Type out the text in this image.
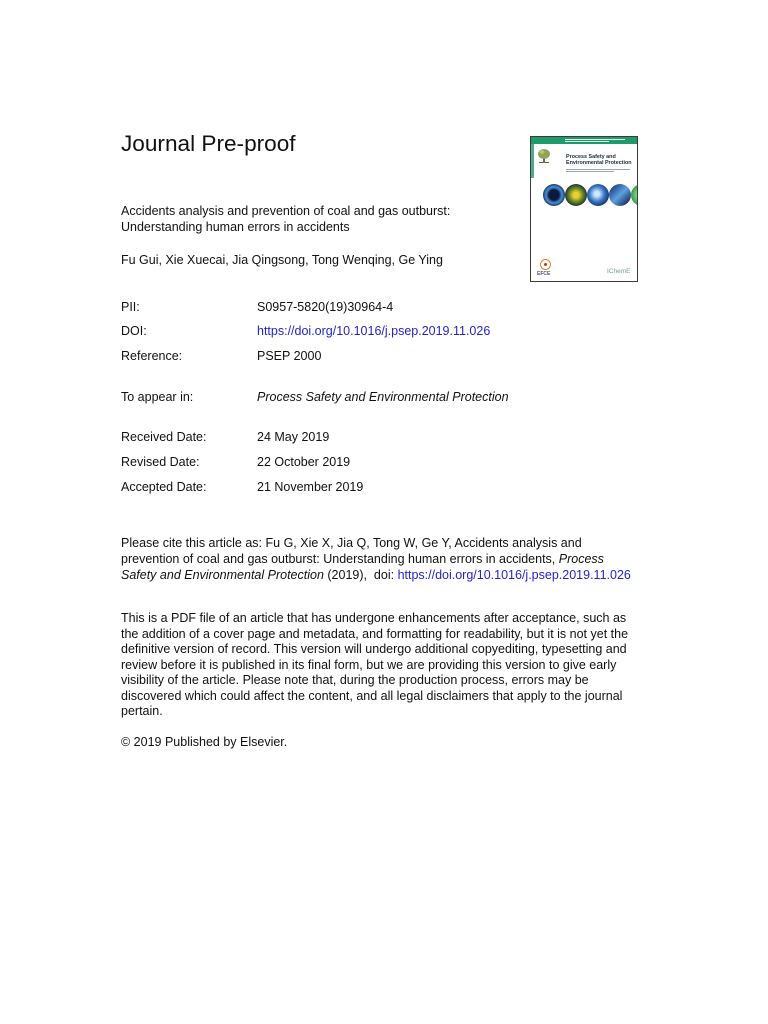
Journal Pre-proof
Process Safety and
Environmental Protection
EFCE	IChemE
Accidents analysis and prevention of coal and gas outburst:
Understanding human errors in accidents
Fu Gui, Xie Xuecai, Jia Qingsong, Tong Wenqing, Ge Ying
PII:	S0957-5820(19)30964-4
DOI:	https://doi.org/10.1016/j.psep.2019.11.026
Reference:	PSEP 2000
To appear in:	Process Safety and Environmental Protection
Received Date:	24 May 2019
Revised Date:	22 October 2019
Accepted Date:	21 November 2019
Please cite this article as: Fu G, Xie X, Jia Q, Tong W, Ge Y, Accidents analysis and
prevention of coal and gas outburst: Understanding human errors in accidents, Process
Safety and Environmental Protection (2019),  doi: https://doi.org/10.1016/j.psep.2019.11.026
This is a PDF file of an article that has undergone enhancements after acceptance, such as
the addition of a cover page and metadata, and formatting for readability, but it is not yet the
definitive version of record. This version will undergo additional copyediting, typesetting and
review before it is published in its final form, but we are providing this version to give early
visibility of the article. Please note that, during the production process, errors may be
discovered which could affect the content, and all legal disclaimers that apply to the journal
pertain.
© 2019 Published by Elsevier.
